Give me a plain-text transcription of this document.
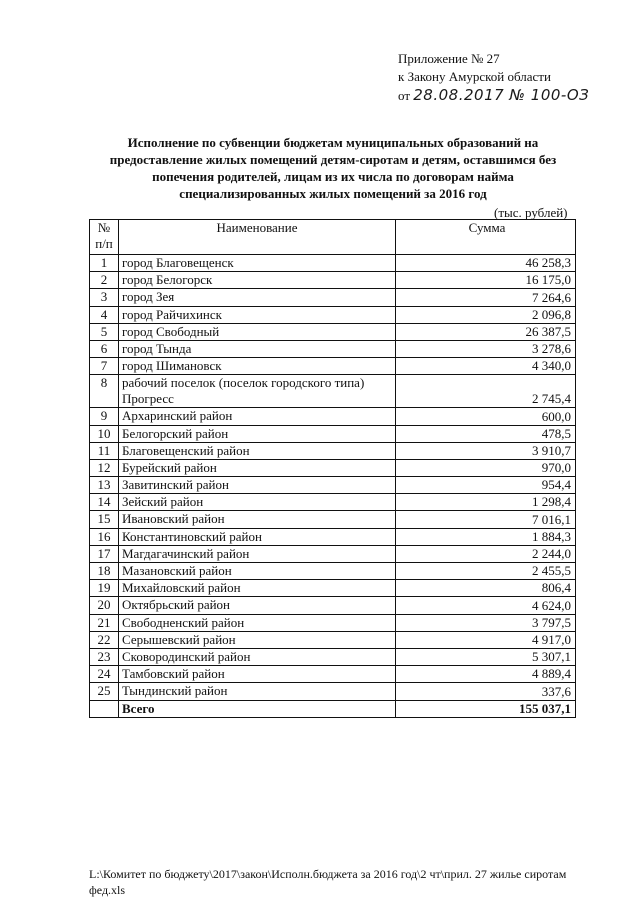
Приложение № 27
к Закону Амурской области
от 28.08.2017 № 100-ОЗ
Исполнение по субвенции бюджетам муниципальных образований на предоставление жилых помещений детям-сиротам и детям, оставшимся без попечения родителей, лицам из их числа по договорам найма специализированных жилых помещений за 2016 год
(тыс. рублей)
№ п/п	Наименование	Сумма
1	город Благовещенск	46 258,3
2	город Белогорск	16 175,0
3	город Зея	7 264,6
4	город Райчихинск	2 096,8
5	город Свободный	26 387,5
6	город Тында	3 278,6
7	город Шимановск	4 340,0
8	рабочий поселок (поселок городского типа) Прогресс	2 745,4
9	Архаринский район	600,0
10	Белогорский район	478,5
11	Благовещенский район	3 910,7
12	Бурейский район	970,0
13	Завитинский район	954,4
14	Зейский район	1 298,4
15	Ивановский район	7 016,1
16	Константиновский район	1 884,3
17	Магдагачинский район	2 244,0
18	Мазановский район	2 455,5
19	Михайловский район	806,4
20	Октябрьский район	4 624,0
21	Свободненский район	3 797,5
22	Серышевский район	4 917,0
23	Сковородинский район	5 307,1
24	Тамбовский район	4 889,4
25	Тындинский район	337,6
	Всего	155 037,1
L:\Комитет по бюджету\2017\закон\Исполн.бюджета за 2016 год\2 чт\прил. 27 жилье сиротам фед.xls
